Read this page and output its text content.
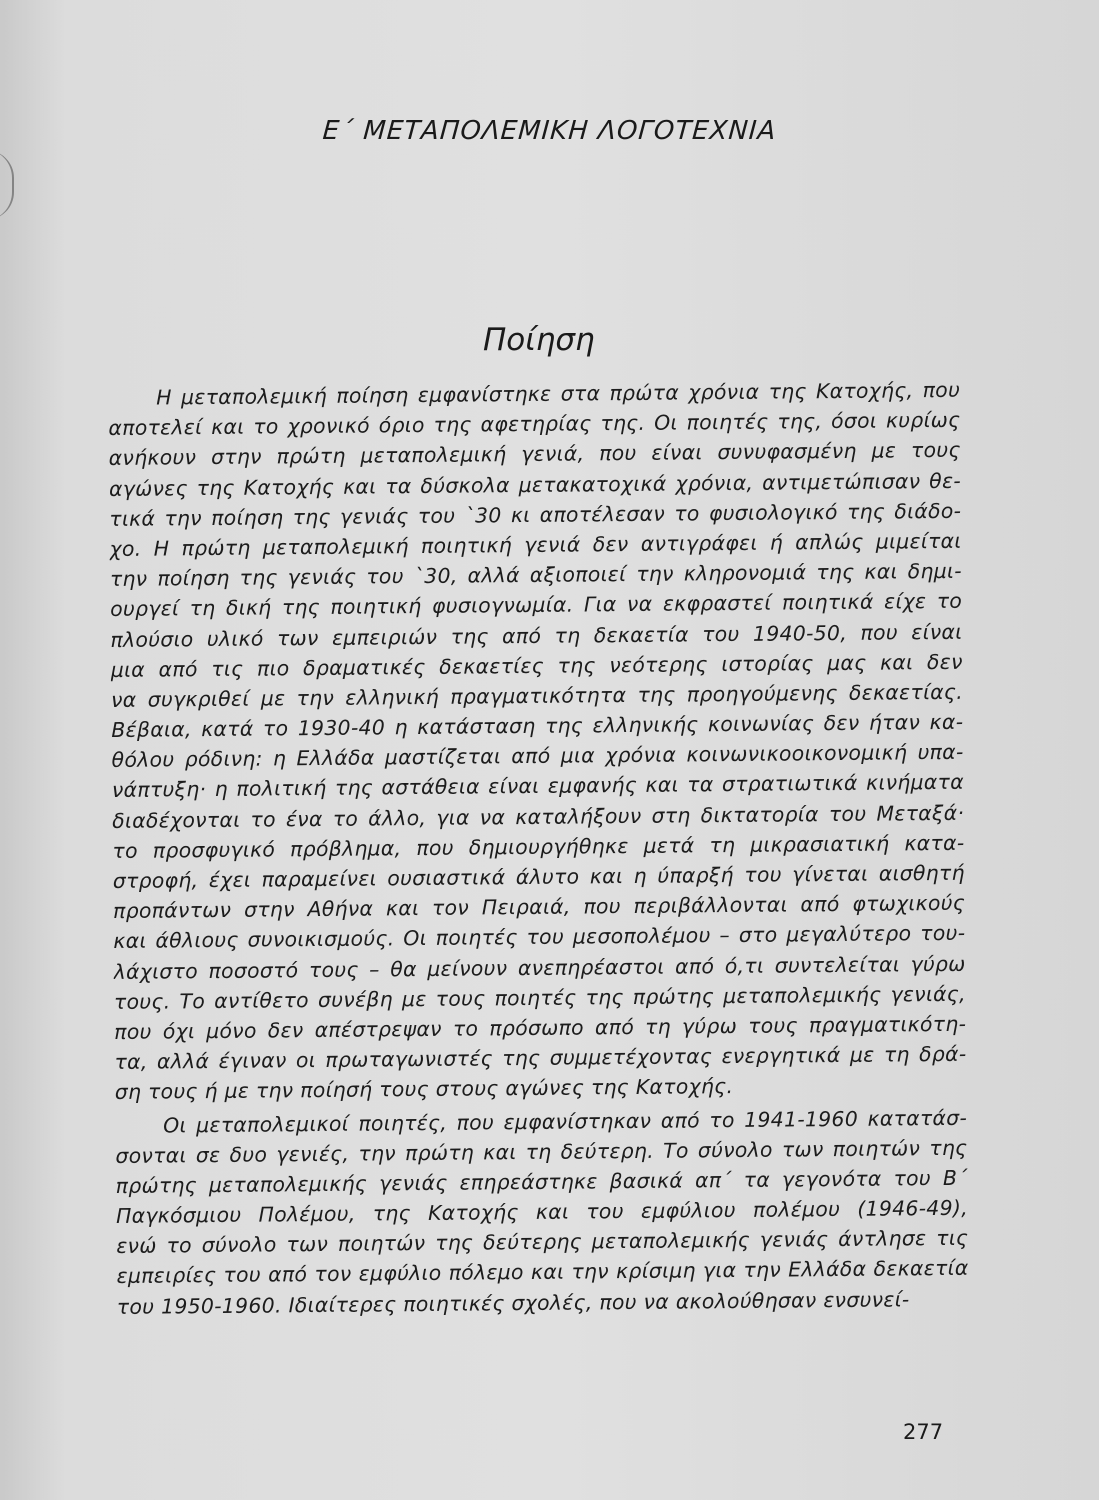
Ε΄ ΜΕΤΑΠΟΛΕΜΙΚΗ ΛΟΓΟΤΕΧΝΙΑ
Ποίηση
Η μεταπολεμική ποίηση εμφανίστηκε στα πρώτα χρόνια της Κατοχής, που
αποτελεί και το χρονικό όριο της αφετηρίας της. Οι ποιητές της, όσοι κυρίως
ανήκουν στην πρώτη μεταπολεμική γενιά, που είναι συνυφασμένη με τους
αγώνες της Κατοχής και τα δύσκολα μετακατοχικά χρόνια, αντιμετώπισαν θε-
τικά την ποίηση της γενιάς του `30 κι αποτέλεσαν το φυσιολογικό της διάδο-
χο. Η πρώτη μεταπολεμική ποιητική γενιά δεν αντιγράφει ή απλώς μιμείται
την ποίηση της γενιάς του `30, αλλά αξιοποιεί την κληρονομιά της και δημι-
ουργεί τη δική της ποιητική φυσιογνωμία. Για να εκφραστεί ποιητικά είχε το
πλούσιο υλικό των εμπειριών της από τη δεκαετία του 1940-50, που είναι
μια από τις πιο δραματικές δεκαετίες της νεότερης ιστορίας μας και δεν
να συγκριθεί με την ελληνική πραγματικότητα της προηγούμενης δεκαετίας.
Βέβαια, κατά το 1930-40 η κατάσταση της ελληνικής κοινωνίας δεν ήταν κα-
θόλου ρόδινη: η Ελλάδα μαστίζεται από μια χρόνια κοινωνικοοικονομική υπα-
νάπτυξη· η πολιτική της αστάθεια είναι εμφανής και τα στρατιωτικά κινήματα
διαδέχονται το ένα το άλλο, για να καταλήξουν στη δικτατορία του Μεταξά·
το προσφυγικό πρόβλημα, που δημιουργήθηκε μετά τη μικρασιατική κατα-
στροφή, έχει παραμείνει ουσιαστικά άλυτο και η ύπαρξή του γίνεται αισθητή
προπάντων στην Αθήνα και τον Πειραιά, που περιβάλλονται από φτωχικούς
και άθλιους συνοικισμούς. Οι ποιητές του μεσοπολέμου – στο μεγαλύτερο του-
λάχιστο ποσοστό τους – θα μείνουν ανεπηρέαστοι από ό,τι συντελείται γύρω
τους. Το αντίθετο συνέβη με τους ποιητές της πρώτης μεταπολεμικής γενιάς,
που όχι μόνο δεν απέστρεψαν το πρόσωπο από τη γύρω τους πραγματικότη-
τα, αλλά έγιναν οι πρωταγωνιστές της συμμετέχοντας ενεργητικά με τη δρά-
ση τους ή με την ποίησή τους στους αγώνες της Κατοχής.
Οι μεταπολεμικοί ποιητές, που εμφανίστηκαν από το 1941-1960 κατατάσ-
σονται σε δυο γενιές, την πρώτη και τη δεύτερη. Το σύνολο των ποιητών της
πρώτης μεταπολεμικής γενιάς επηρεάστηκε βασικά απ΄ τα γεγονότα του Β΄
Παγκόσμιου Πολέμου, της Κατοχής και του εμφύλιου πολέμου (1946-49),
ενώ το σύνολο των ποιητών της δεύτερης μεταπολεμικής γενιάς άντλησε τις
εμπειρίες του από τον εμφύλιο πόλεμο και την κρίσιμη για την Ελλάδα δεκαετία
του 1950-1960. Ιδιαίτερες ποιητικές σχολές, που να ακολούθησαν ενσυνεί-
277
